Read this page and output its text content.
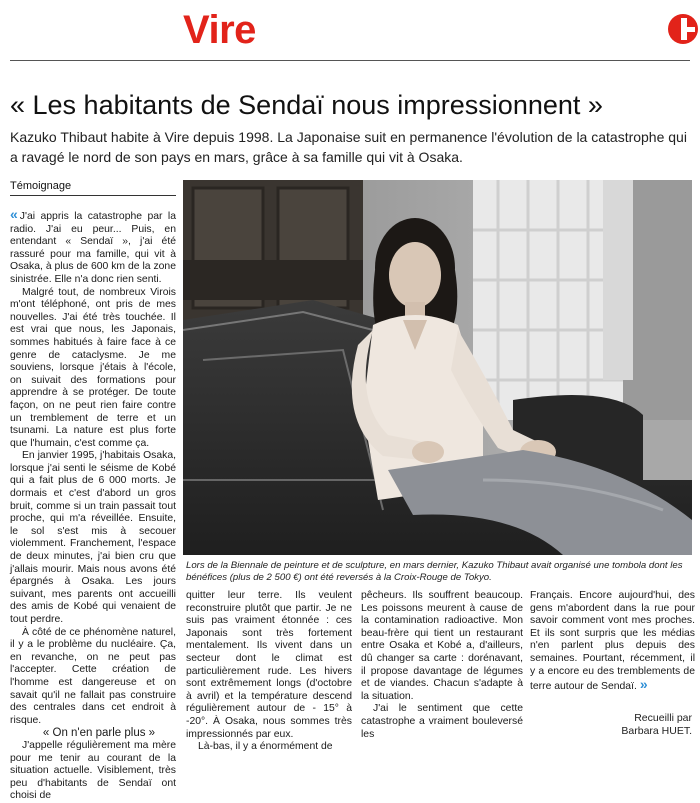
Vire
« Les habitants de Sendaï nous impressionnent »
Kazuko Thibaut habite à Vire depuis 1998. La Japonaise suit en permanence l'évolution de la catastrophe qui a ravagé le nord de son pays en mars, grâce à sa famille qui vit à Osaka.
Témoignage

« J'ai appris la catastrophe par la radio. J'ai eu peur... Puis, en entendant « Sendaï », j'ai été rassuré pour ma famille, qui vit à Osaka, à plus de 600 km de la zone sinistrée. Elle n'a donc rien senti.

Malgré tout, de nombreux Virois m'ont téléphoné, ont pris de mes nouvelles. J'ai été très touchée. Il est vrai que nous, les Japonais, sommes habitués à faire face à ce genre de cataclysme. Je me souviens, lorsque j'étais à l'école, on suivait des formations pour apprendre à se protéger. De toute façon, on ne peut rien faire contre un tremblement de terre et un tsunami. La nature est plus forte que l'humain, c'est comme ça.

En janvier 1995, j'habitais Osaka, lorsque j'ai senti le séisme de Kobé qui a fait plus de 6 000 morts. Je dormais et c'est d'abord un gros bruit, comme si un train passait tout proche, qui m'a réveillée. Ensuite, le sol s'est mis à secouer violemment. Franchement, l'espace de deux minutes, j'ai bien cru que j'allais mourir. Mais nous avons été épargnés à Osaka. Les jours suivant, mes parents ont accueilli des amis de Kobé qui venaient de tout perdre.

À côté de ce phénomène naturel, il y a le problème du nucléaire. Ça, en revanche, on ne peut pas l'accepter. Cette création de l'homme est dangereuse et on savait qu'il ne fallait pas construire des centrales dans cet endroit à risque.

« On n'en parle plus »

J'appelle régulièrement ma mère pour me tenir au courant de la situation actuelle. Visiblement, très peu d'habitants de Sendaï ont choisi de

Lors de la Biennale de peinture et de sculpture, en mars dernier, Kazuko Thibaut avait organisé une tombola dont les bénéfices (plus de 2 500 €) ont été reversés à la Croix-Rouge de Tokyo.

quitter leur terre. Ils veulent reconstruire plutôt que partir. Je ne suis pas vraiment étonnée : ces Japonais sont très fortement mentalement. Ils vivent dans un secteur dont le climat est particulièrement rude. Les hivers sont extrêmement longs (d'octobre à avril) et la température descend régulièrement autour de - 15° à -20°. À Osaka, nous sommes très impressionnés par eux.

Là-bas, il y a énormément de

pêcheurs. Ils souffrent beaucoup. Les poissons meurent à cause de la contamination radioactive. Mon beau-frère qui tient un restaurant entre Osaka et Kobé a, d'ailleurs, dû changer sa carte : dorénavant, il propose davantage de légumes et de viandes. Chacun s'adapte à la situation.

J'ai le sentiment que cette catastrophe a vraiment bouleversé les

Français. Encore aujourd'hui, des gens m'abordent dans la rue pour savoir comment vont mes proches. Et ils sont surpris que les médias n'en parlent plus depuis des semaines. Pourtant, récemment, il y a encore eu des tremblements de terre autour de Sendaï. »

Recueilli par
Barbara HUET.
